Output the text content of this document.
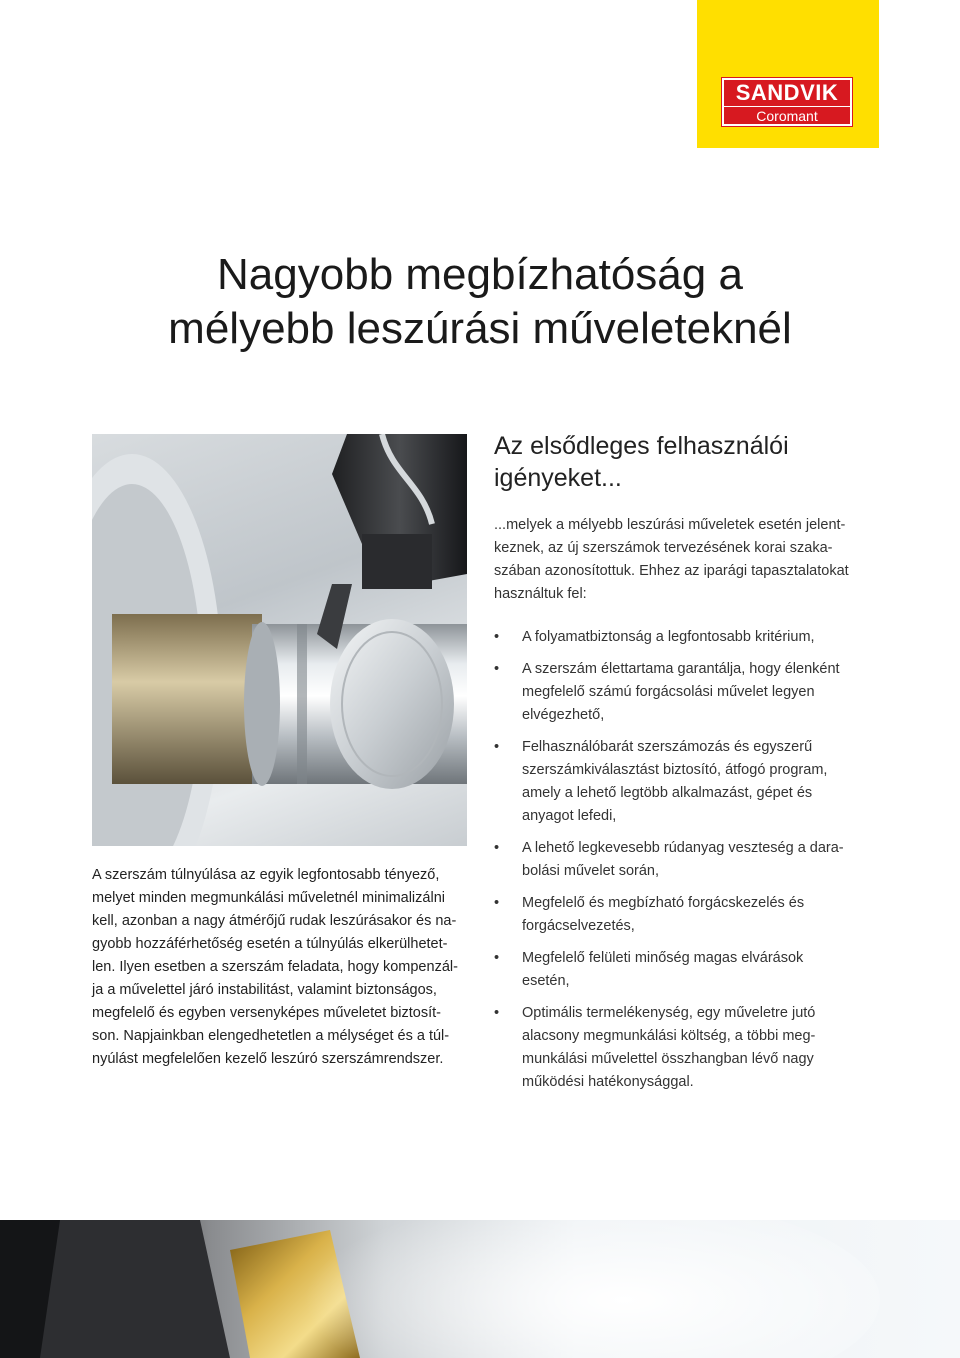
SANDVIK
Coromant
Nagyobb megbízhatóság a
mélyebb leszúrási műveleteknél
A szerszám túlnyúlása az egyik legfontosabb tényező,
melyet minden megmunkálási műveletnél minimalizálni
kell, azonban a nagy átmérőjű rudak leszúrásakor és na-
gyobb hozzáférhetőség esetén a túlnyúlás elkerülhetet-
len. Ilyen esetben a szerszám feladata, hogy kompenzál-
ja a művelettel járó instabilitást, valamint biztonságos,
megfelelő és egyben versenyképes műveletet biztosít-
son. Napjainkban elengedhetetlen a mélységet és a túl-
nyúlást megfelelően kezelő leszúró szerszámrendszer.
Az elsődleges felhasználói
igényeket...
...melyek a mélyebb leszúrási műveletek esetén jelent-
keznek, az új szerszámok tervezésének korai szaka-
szában azonosítottuk. Ehhez az iparági tapasztalatokat
használtuk fel:
• A folyamatbiztonság a legfontosabb kritérium,
• A szerszám élettartama garantálja, hogy élenként
megfelelő számú forgácsolási művelet legyen
elvégezhető,
• Felhasználóbarát szerszámozás és egyszerű
szerszámkiválasztást biztosító, átfogó program,
amely a lehető legtöbb alkalmazást, gépet és
anyagot lefedi,
• A lehető legkevesebb rúdanyag veszteség a dara-
bolási művelet során,
• Megfelelő és megbízható forgácskezelés és
forgácselvezetés,
• Megfelelő felületi minőség magas elvárások
esetén,
• Optimális termelékenység, egy műveletre jutó
alacsony megmunkálási költség, a többi meg-
munkálási művelettel összhangban lévő nagy
működési hatékonysággal.
